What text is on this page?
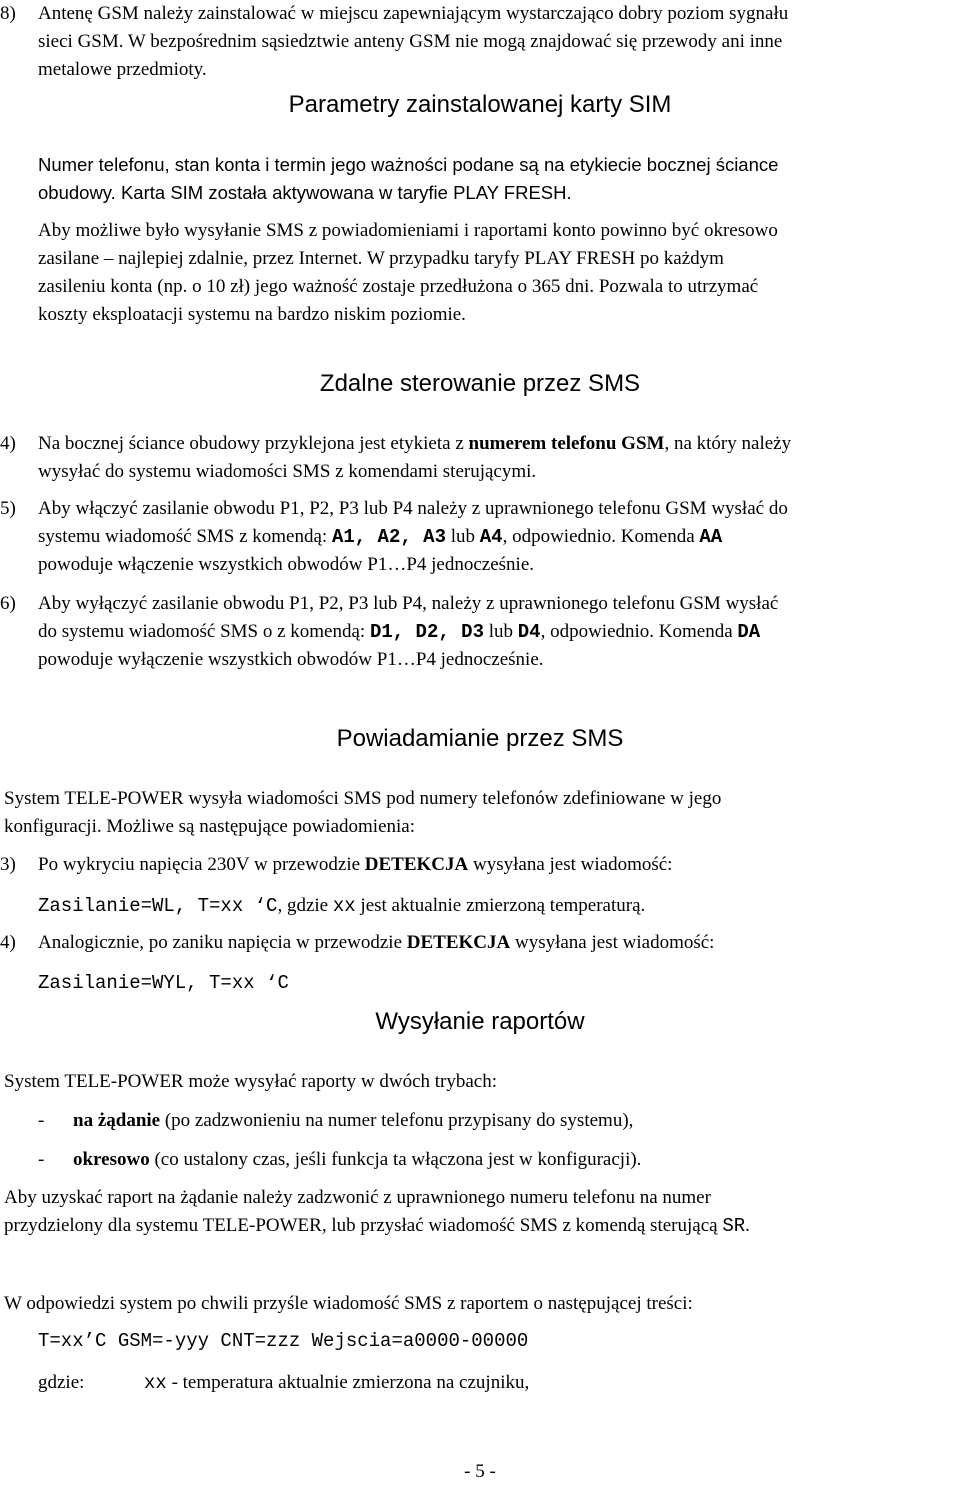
8)	Antenę GSM należy zainstalować w miejscu zapewniającym wystarczająco dobry poziom sygnału
sieci GSM. W bezpośrednim sąsiedztwie anteny GSM nie mogą znajdować się przewody ani inne
metalowe przedmioty.
Parametry zainstalowanej karty SIM
Numer telefonu, stan konta i termin jego ważności podane są na etykiecie bocznej ściance
obudowy. Karta SIM została aktywowana w taryfie PLAY FRESH.
Aby możliwe było wysyłanie SMS z powiadomieniami i raportami konto powinno być okresowo
zasilane – najlepiej zdalnie, przez Internet. W przypadku taryfy PLAY FRESH po każdym
zasileniu konta (np. o 10 zł) jego ważność zostaje przedłużona o 365 dni. Pozwala to utrzymać
koszty eksploatacji systemu na bardzo niskim poziomie.
Zdalne sterowanie przez SMS
4)	Na bocznej ściance obudowy przyklejona jest etykieta z numerem telefonu GSM, na który należy
wysyłać do systemu wiadomości SMS z komendami sterującymi.
5)	Aby włączyć zasilanie obwodu P1, P2, P3 lub P4 należy z uprawnionego telefonu GSM wysłać do
systemu wiadomość SMS z komendą: A1, A2, A3 lub A4, odpowiednio. Komenda AA
powoduje włączenie wszystkich obwodów P1…P4 jednocześnie.
6)	Aby wyłączyć zasilanie obwodu P1, P2, P3 lub P4, należy z uprawnionego telefonu GSM wysłać
do systemu wiadomość SMS o z komendą: D1, D2, D3 lub D4, odpowiednio. Komenda DA
powoduje wyłączenie wszystkich obwodów P1…P4 jednocześnie.
Powiadamianie przez SMS
System TELE-POWER wysyła wiadomości SMS pod numery telefonów zdefiniowane w jego
konfiguracji. Możliwe są następujące powiadomienia:
3)	Po wykryciu napięcia 230V w przewodzie DETEKCJA wysyłana jest wiadomość:
Zasilanie=WL, T=xx ‘C, gdzie xx jest aktualnie zmierzoną temperaturą.
4)	Analogicznie, po zaniku napięcia w przewodzie DETEKCJA wysyłana jest wiadomość:
Zasilanie=WYL, T=xx ‘C
Wysyłanie raportów
System TELE-POWER może wysyłać raporty w dwóch trybach:
- na żądanie (po zadzwonieniu na numer telefonu przypisany do systemu),
- okresowo (co ustalony czas, jeśli funkcja ta włączona jest w konfiguracji).
Aby uzyskać raport na żądanie należy zadzwonić z uprawnionego numeru telefonu na numer
przydzielony dla systemu TELE-POWER, lub przysłać wiadomość SMS z komendą sterującą SR.
W odpowiedzi system po chwili przyśle wiadomość SMS z raportem o następującej treści:
T=xx’C GSM=-yyy CNT=zzz Wejscia=a0000-00000
gdzie:	xx - temperatura aktualnie zmierzona na czujniku,
- 5 -
